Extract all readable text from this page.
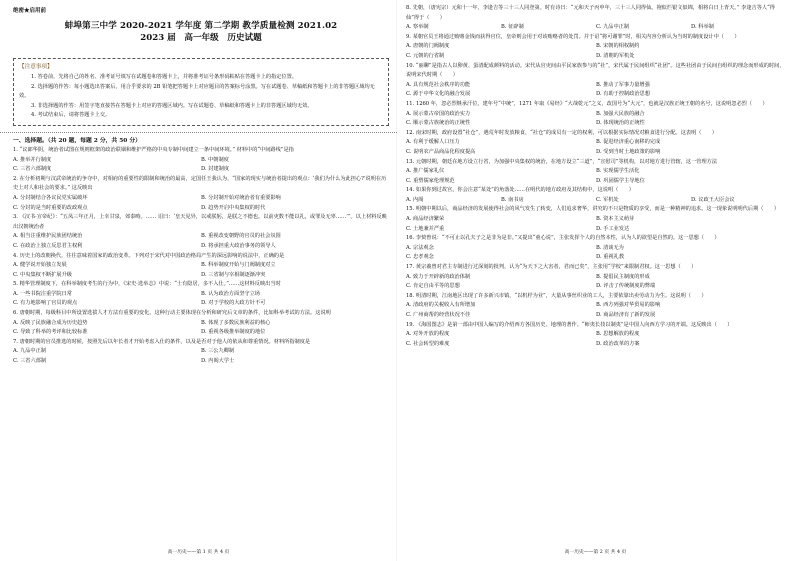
绝密★启用前
蚌埠第三中学 2020-2021 学年度 第二学期 教学质量检测 2021.02
2023 届　高一年级　历史试题
【注意事项】
1. 答卷前，先将自己的姓名、准考证号填写在试题卷和答题卡上，并将准考证号条形码粘贴在答题卡上的指定位置。
2. 选择题的作答：每小题选出答案后，用合乎要求的 2B 铅笔把答题卡上对应题目的答案标号涂黑。写在试题卷、草稿纸和答题卡上的非答题区域均无效。
3. 非选择题的作答：用签字笔直接答在答题卡上对应的答题区域内。写在试题卷、草稿纸和答题卡上的非答题区域均无效。
4. 考试结束后，请将答题卡上交。
一、选择题。（共 20 题，每题 2 分，共 50 分）
1. “议郎华阴，统治者试图在规则框架的政治联姻和维护严格的中央专制中间建立一条中间环境。” 材料中的“中间路线”是指
A. 推举并行制度	B. 中朝制度
C. 三省六部制度	D. 封建制度
2. 在分析初期与汉武帝统治的争夺中，对相府的重要性的限制和统治的最高，定国任王我认为，“国家的现实与统治者提出的观点：‘我们为什么为此担心?’说明在历史上对人和社会的要求。” 这反映出
A. 分封制结合各议民党实属破坏	B. 分封制开始对统治者有重要影响
C. 分封的是当时重要的改政观点	D. 趋势开启中央集权的时代
3. 《汉书·宣帝纪》：“五凤三年正月，上幸甘泉，郊泰畤。…… 诏曰：‘皇天见异，以戒朕躬，是朕之不德也。以前吏数不能以礼，或罪及无辜……’”。以上材料反映出汉朝统治者
A. 相当注重维护民族团结统治	B. 重视改变朝野的官员的社会氛围
C. 在政治上独立反思君主权利	D. 将承担重大政治事务的领导人
4. 历史上的改朝换代，往往意味着国家的政治变革。下列对于宋代对中国政治格局产生的深远影响的说法中，正确的是
A. 健学说开始独立发展	B. 科举制度开始与门阀制度对立
C. 中央集权不断扩展升级	D. 三省制与宰相制逐渐冲突
5. 精华管理制度下，在科举制度考生的行为中，《宋史·选举志》中说：“士有隐居，多不入仕。”……这材料反映出当时
A. 一些书院注重学院日常	B. 认为政治方面坚守立场
C. 有力地影响了官员的观点	D. 对于学校的大政方针不可
6. 唐朝时期，每级科目中所设置选拔人才方法有重要的变化，这种行动主要体现在分析和研究后文章的条件，比如科举考试的方法。这说明
A. 反映了民族融合成为历史趋势	B. 体现了多数民族利益的核心
C. 导致了科举的考评和比较标准	D. 重视各级推举制度的地位
7. 唐朝时期的官员推选的时候，按照先后以年长者才开始考虑入仕的条件，以及是否对于他人的依从和尊重情况。材料所指制度是
A. 九品中正制	B. 三公九卿制
C. 三省六部制	D. 内阁大学士
高一历史——第 1 页 共 4 页
8. 先朝，（唐宪宗）元和十一年，李逢吉等三十三人同登第。时有诗曰：“元和天子丙申年，三十三人同得仙。袍似烂银文似锦，相将白日上青天。” 李逢吉等人“得仙”得于（　　）
A. 察举制	B. 征辟制	C. 九品中正制	D. 科举制
9. 某朝官员王将通过贿赂金钱而获得官位，皇帝则会用于对该贿赂者的处罚。并于诏“将可谢罪”时，相关内容分析认为当时的制度设计中（　　）
A. 唐朝的门阀制度	B. 宋朝的相权制约
C. 元朝的行省制	D. 清朝的军机处
10. “丽聊”是指古人以卵黄、蛋清配成颜料的活动。宋代从官吏间由平民家族参与的“社”，宋代属于民间组织“社团”。这些社团由于民间自组织的理念而形成的时间，说明宋代时期（　　）
A. 具有规范社会秩序的功能	B. 推动了军事力量增强
C. 源于中华文化的融合发展	D. 有助于控制政治思想
11. 1260 年，忽必烈继承汗位，建年号“中统”，1271 年取《易经》“大哉乾元”之义，改国号为“大元”，也就是汉族正统王朝的名号，这说明忽必烈（　　）
A. 展示蒙古帝国的政治实力	B. 加强大民族的融合
C. 顺示蒙古族统治的正统性	D. 体现统治的正统性
12. 南宋时期，政府设置“社仓”，遇荒年时发放粮食，“社仓”的成员有一定的权利，可以根据实际情况对粮食进行分配。这表明（　　）
A. 有利于缓解人口压力	B. 促进经济重心南移的完成
C. 说明农产品商品化程度提高	D. 受到当时土地政策的影响
13. 元朝时期，朝廷在地方设立行省，为加强中央集权的统治，在地方设立“三道”，“宣慰司”等机构，以对地方进行管辖，这一管理方法
A. 推广儒家礼仪	B. 实现儒学生活化
C. 重塑儒家伦理规范	D. 巩固儒学主导地位
14. 如果你到过故宫，你会注意“某处”的角落处……在明代的地方政府及其结构中，这说明（　　）
A. 内阁	B. 南书房	C. 军机处	D. 议政王大臣会议
15. 明朝中期以后，商品经济的发展使得社会的风气发生了转变，人们追求奢华，讲究的不只是物质的享受，而是一种精神的追求。这一现象说明明代后期（　　）
A. 商品经济繁荣	B. 资本主义萌芽
C. 土地兼并严重	D. 手工业发达
16. 李贽曾说：“不可止以孔夫子之是非为是非。”又提出“童心说”，主张发挥个人的自然本性，认为人的欲望是自然的。这一思想（　　）
A. 宗法观念	B. 清谈无为
C. 忠孝观念	D. 重视礼教
17. 黄宗羲曾对君主专制进行过深刻的批判，认为“为天下之大害者，君而已矣”，主张用“学校”来限制君权。这一思想（　　）
A. 致力于开辟新的政治体制	B. 提倡民主制度的形成
C. 肯定自由平等的思想	D. 评击了传统制度的弊端
18. 明清时期，江南地区出现了许多新兴市镇，“以机杼为业”，大量从事丝织业的工人，主要依靠出卖劳动力为生。这说明（　　）
A. 清政府的关税收入有所增加	B. 西方列强对华贸易的影响
C. 广州商帮的经营状况不佳	D. 商品经济有了新的发展
19. 《海国图志》是第一部由中国人编写的介绍西方各国历史、地理的著作。“师夷长技以制夷”是中国人向西方学习的开端。这反映出（　　）
A. 对外开放的程度	B. 思想解放的程度
C. 社会转型的难度	D. 政治改革的方案
高一历史——第 2 页 共 4 页
